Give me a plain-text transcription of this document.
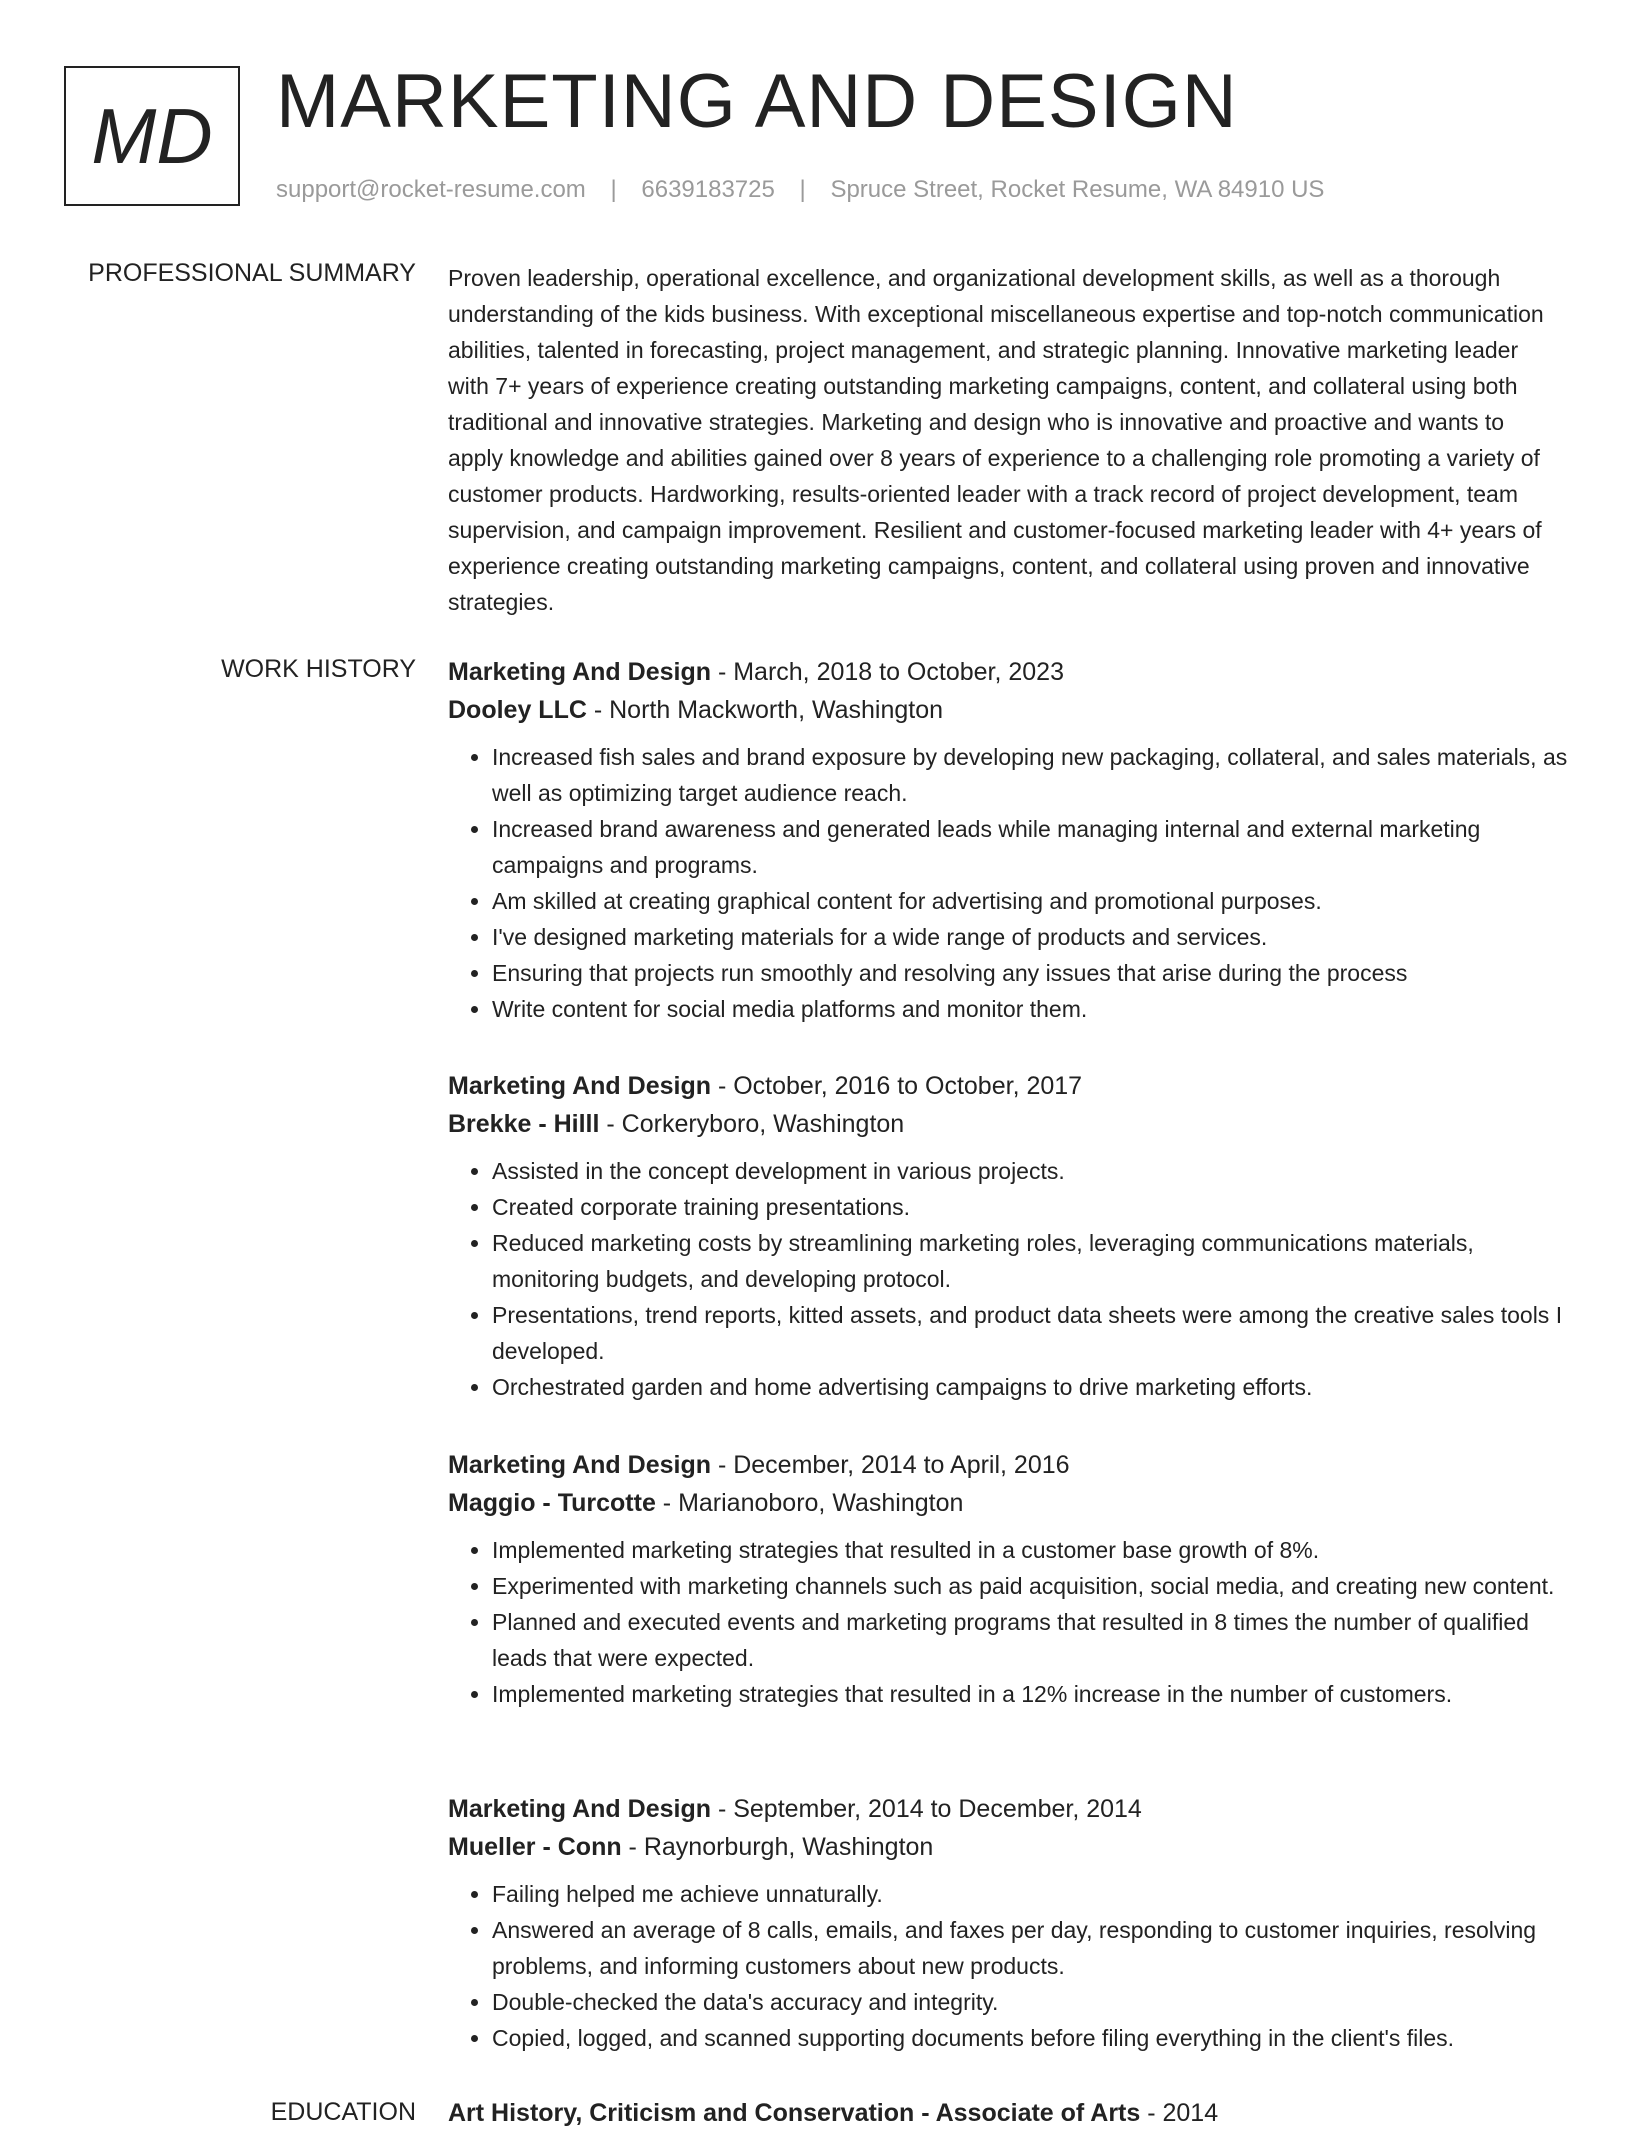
MD MARKETING AND DESIGN
support@rocket-resume.com | 6639183725 | Spruce Street, Rocket Resume, WA 84910 US
PROFESSIONAL SUMMARY Proven leadership, operational excellence, and organizational development skills, as well as a thorough understanding of the kids business. With exceptional miscellaneous expertise and top-notch communication abilities, talented in forecasting, project management, and strategic planning. Innovative marketing leader with 7+ years of experience creating outstanding marketing campaigns, content, and collateral using both traditional and innovative strategies. Marketing and design who is innovative and proactive and wants to apply knowledge and abilities gained over 8 years of experience to a challenging role promoting a variety of customer products. Hardworking, results-oriented leader with a track record of project development, team supervision, and campaign improvement. Resilient and customer-focused marketing leader with 4+ years of experience creating outstanding marketing campaigns, content, and collateral using proven and innovative strategies.

WORK HISTORY Marketing And Design - March, 2018 to October, 2023
Dooley LLC - North Mackworth, Washington
• Increased fish sales and brand exposure by developing new packaging, collateral, and sales materials, as well as optimizing target audience reach.
• Increased brand awareness and generated leads while managing internal and external marketing campaigns and programs.
• Am skilled at creating graphical content for advertising and promotional purposes.
• I've designed marketing materials for a wide range of products and services.
• Ensuring that projects run smoothly and resolving any issues that arise during the process
• Write content for social media platforms and monitor them.
Marketing And Design - October, 2016 to October, 2017
Brekke - Hilll - Corkeryboro, Washington
• Assisted in the concept development in various projects.
• Created corporate training presentations.
• Reduced marketing costs by streamlining marketing roles, leveraging communications materials, monitoring budgets, and developing protocol.
• Presentations, trend reports, kitted assets, and product data sheets were among the creative sales tools I developed.
• Orchestrated garden and home advertising campaigns to drive marketing efforts.
Marketing And Design - December, 2014 to April, 2016
Maggio - Turcotte - Marianoboro, Washington
• Implemented marketing strategies that resulted in a customer base growth of 8%.
• Experimented with marketing channels such as paid acquisition, social media, and creating new content.
• Planned and executed events and marketing programs that resulted in 8 times the number of qualified leads that were expected.
• Implemented marketing strategies that resulted in a 12% increase in the number of customers.
Marketing And Design - September, 2014 to December, 2014
Mueller - Conn - Raynorburgh, Washington
• Failing helped me achieve unnaturally.
• Answered an average of 8 calls, emails, and faxes per day, responding to customer inquiries, resolving problems, and informing customers about new products.
• Double-checked the data's accuracy and integrity.
• Copied, logged, and scanned supporting documents before filing everything in the client's files.
EDUCATION Art History, Criticism and Conservation - Associate of Arts - 2014
